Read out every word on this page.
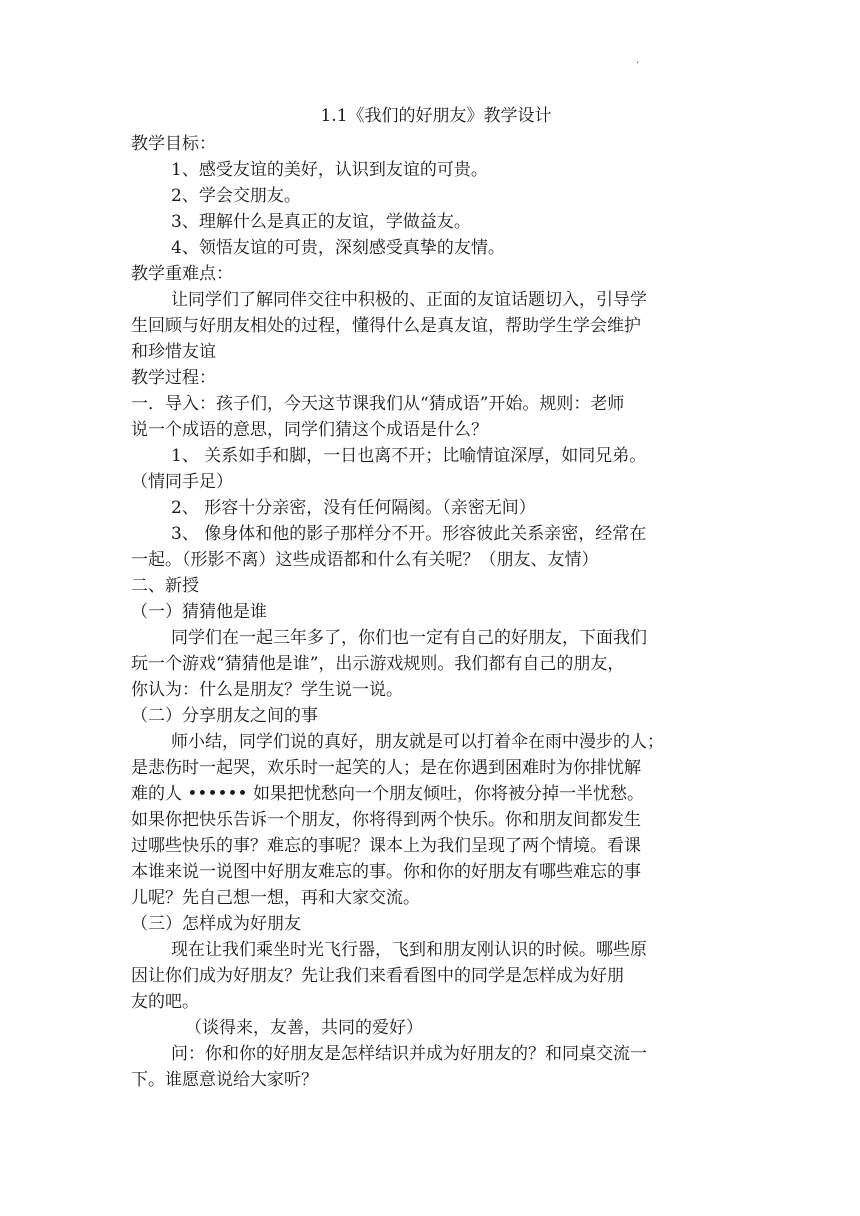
·
1.1《我们的好朋友》教学设计

教学目标：

1、感受友谊的美好，认识到友谊的可贵。

2、学会交朋友。

3、理解什么是真正的友谊，学做益友。

4、领悟友谊的可贵，深刻感受真挚的友情。

教学重难点：

让同学们了解同伴交往中积极的、正面的友谊话题切入，引导学

生回顾与好朋友相处的过程，懂得什么是真友谊，帮助学生学会维护

和珍惜友谊

教学过程：

一．导入：孩子们，今天这节课我们从“猜成语”开始。规则：老师

说一个成语的意思，同学们猜这个成语是什么？

1、 关系如手和脚，一日也离不开；比喻情谊深厚，如同兄弟。

（情同手足）

2、 形容十分亲密，没有任何隔阂。（亲密无间）

3、 像身体和他的影子那样分不开。形容彼此关系亲密，经常在

一起。（形影不离）这些成语都和什么有关呢？（朋友、友情）

二、新授

（一）猜猜他是谁

同学们在一起三年多了，你们也一定有自己的好朋友，下面我们

玩一个游戏“猜猜他是谁”，出示游戏规则。我们都有自己的朋友，

你认为：什么是朋友？学生说一说。

（二）分享朋友之间的事

师小结，同学们说的真好，朋友就是可以打着伞在雨中漫步的人；

是悲伤时一起哭，欢乐时一起笑的人；是在你遇到困难时为你排忧解

难的人 •••••• 如果把忧愁向一个朋友倾吐，你将被分掉一半忧愁。

如果你把快乐告诉一个朋友，你将得到两个快乐。你和朋友间都发生

过哪些快乐的事？难忘的事呢？课本上为我们呈现了两个情境。看课

本谁来说一说图中好朋友难忘的事。你和你的好朋友有哪些难忘的事

儿呢？先自己想一想，再和大家交流。

（三）怎样成为好朋友

现在让我们乘坐时光飞行器，飞到和朋友刚认识的时候。哪些原

因让你们成为好朋友？先让我们来看看图中的同学是怎样成为好朋

友的吧。

（谈得来，友善，共同的爱好）

问：你和你的好朋友是怎样结识并成为好朋友的？和同桌交流一

下。谁愿意说给大家听？
